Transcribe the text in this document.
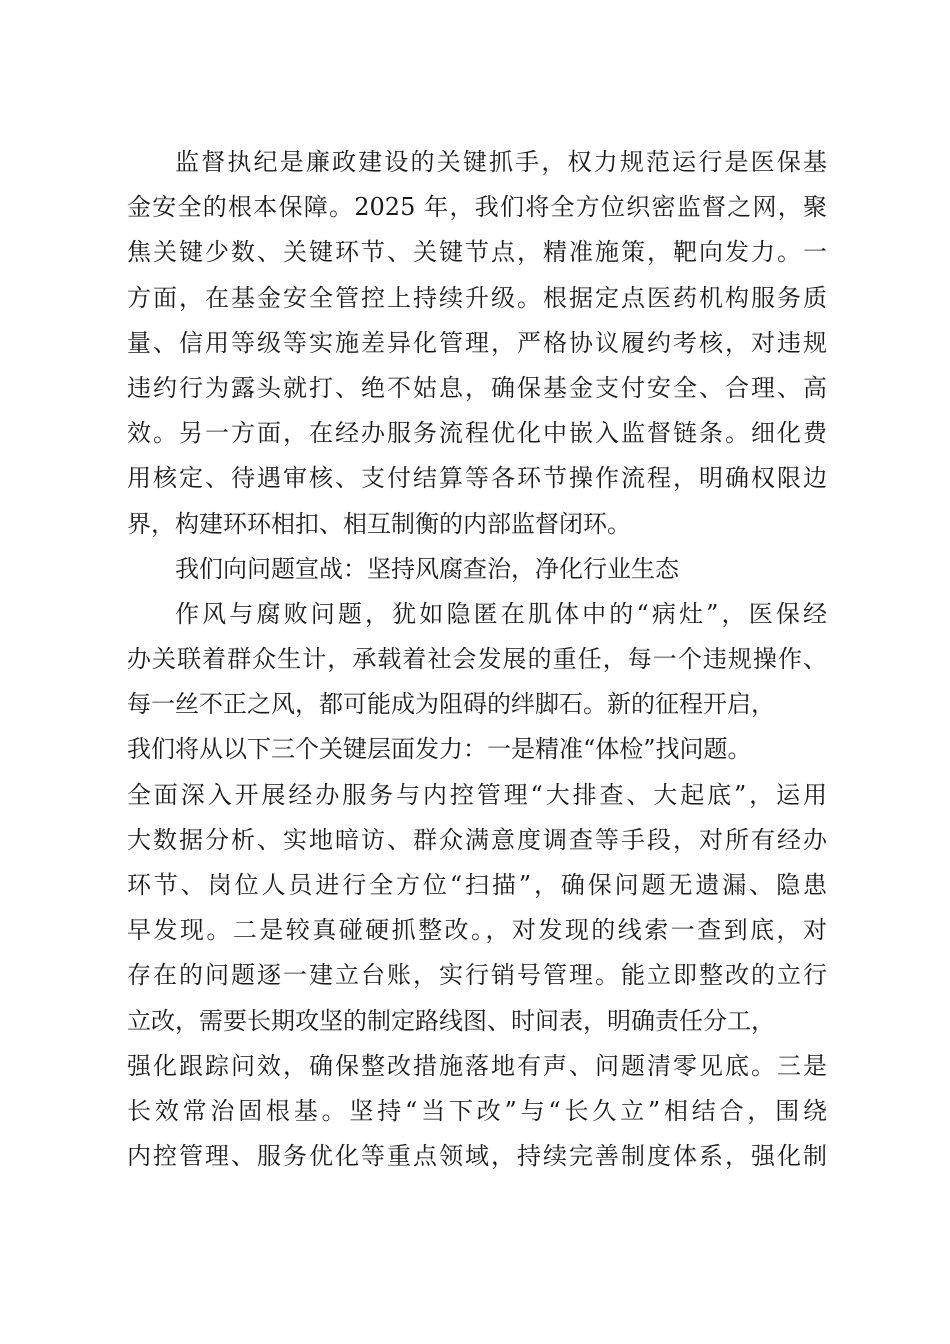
监督执纪是廉政建设的关键抓手，权力规范运行是医保基
金安全的根本保障。2025 年，我们将全方位织密监督之网，聚
焦关键少数、关键环节、关键节点，精准施策，靶向发力。一
方面，在基金安全管控上持续升级。根据定点医药机构服务质
量、信用等级等实施差异化管理，严格协议履约考核，对违规
违约行为露头就打、绝不姑息，确保基金支付安全、合理、高
效。另一方面，在经办服务流程优化中嵌入监督链条。细化费
用核定、待遇审核、支付结算等各环节操作流程，明确权限边
界，构建环环相扣、相互制衡的内部监督闭环。
我们向问题宣战：坚持风腐查治，净化行业生态
作风与腐败问题，犹如隐匿在肌体中的“病灶”，医保经
办关联着群众生计，承载着社会发展的重任，每一个违规操作、
每一丝不正之风，都可能成为阻碍的绊脚石。新的征程开启，
我们将从以下三个关键层面发力：一是精准“体检”找问题。
全面深入开展经办服务与内控管理“大排查、大起底”，运用
大数据分析、实地暗访、群众满意度调查等手段，对所有经办
环节、岗位人员进行全方位“扫描”，确保问题无遗漏、隐患
早发现。二是较真碰硬抓整改。，对发现的线索一查到底，对
存在的问题逐一建立台账，实行销号管理。能立即整改的立行
立改，需要长期攻坚的制定路线图、时间表，明确责任分工，
强化跟踪问效，确保整改措施落地有声、问题清零见底。三是
长效常治固根基。坚持“当下改”与“长久立”相结合，围绕
内控管理、服务优化等重点领域，持续完善制度体系，强化制
